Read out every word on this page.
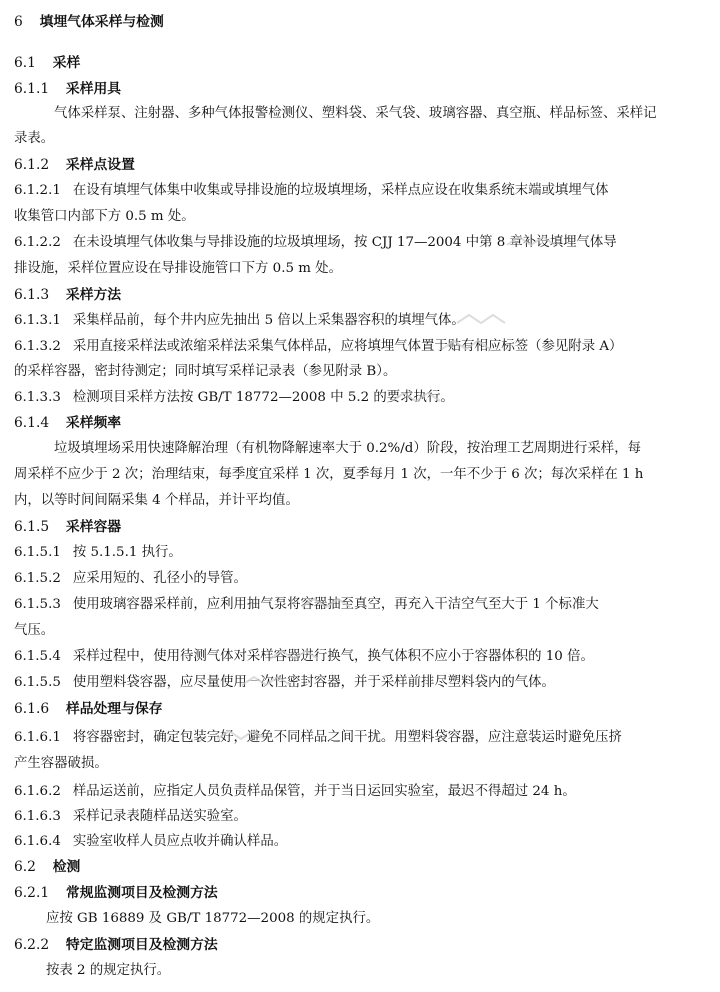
6 填埋气体采样与检测
6.1 采样
6.1.1 采样用具

气体采样泵、注射器、多种气体报警检测仪、塑料袋、采气袋、玻璃容器、真空瓶、样品标签、采样记

录表。

6.1.2 采样点设置

6.1.2.1 在设有填埋气体集中收集或导排设施的垃圾填埋场，采样点应设在收集系统末端或填埋气体

收集管口内部下方 0.5 m 处。

6.1.2.2 在未设填埋气体收集与导排设施的垃圾填埋场，按 CJJ 17—2004 中第 8 章补设填埋气体导

排设施，采样位置应设在导排设施管口下方 0.5 m 处。

6.1.3 采样方法

6.1.3.1 采集样品前，每个井内应先抽出 5 倍以上采集器容积的填埋气体。

6.1.3.2 采用直接采样法或浓缩采样法采集气体样品，应将填埋气体置于贴有相应标签（参见附录 A）

的采样容器，密封待测定；同时填写采样记录表（参见附录 B）。

6.1.3.3 检测项目采样方法按 GB/T 18772—2008 中 5.2 的要求执行。

6.1.4 采样频率

垃圾填埋场采用快速降解治理（有机物降解速率大于 0.2%/d）阶段，按治理工艺周期进行采样，每

周采样不应少于 2 次；治理结束，每季度宜采样 1 次，夏季每月 1 次，一年不少于 6 次；每次采样在 1 h

内，以等时间间隔采集 4 个样品，并计平均值。

6.1.5 采样容器

6.1.5.1 按 5.1.5.1 执行。

6.1.5.2 应采用短的、孔径小的导管。

6.1.5.3 使用玻璃容器采样前，应利用抽气泵将容器抽至真空，再充入干洁空气至大于 1 个标准大

气压。

6.1.5.4 采样过程中，使用待测气体对采样容器进行换气，换气体积不应小于容器体积的 10 倍。

6.1.5.5 使用塑料袋容器，应尽量使用一次性密封容器，并于采样前排尽塑料袋内的气体。

6.1.6 样品处理与保存

6.1.6.1 将容器密封，确定包装完好，避免不同样品之间干扰。用塑料袋容器，应注意装运时避免压挤

产生容器破损。

6.1.6.2 样品运送前，应指定人员负责样品保管，并于当日运回实验室，最迟不得超过 24 h。

6.1.6.3 采样记录表随样品送实验室。

6.1.6.4 实验室收样人员应点收并确认样品。

6.2 检测
6.2.1 常规监测项目及检测方法

应按 GB 16889 及 GB/T 18772—2008 的规定执行。

6.2.2 特定监测项目及检测方法

按表 2 的规定执行。
